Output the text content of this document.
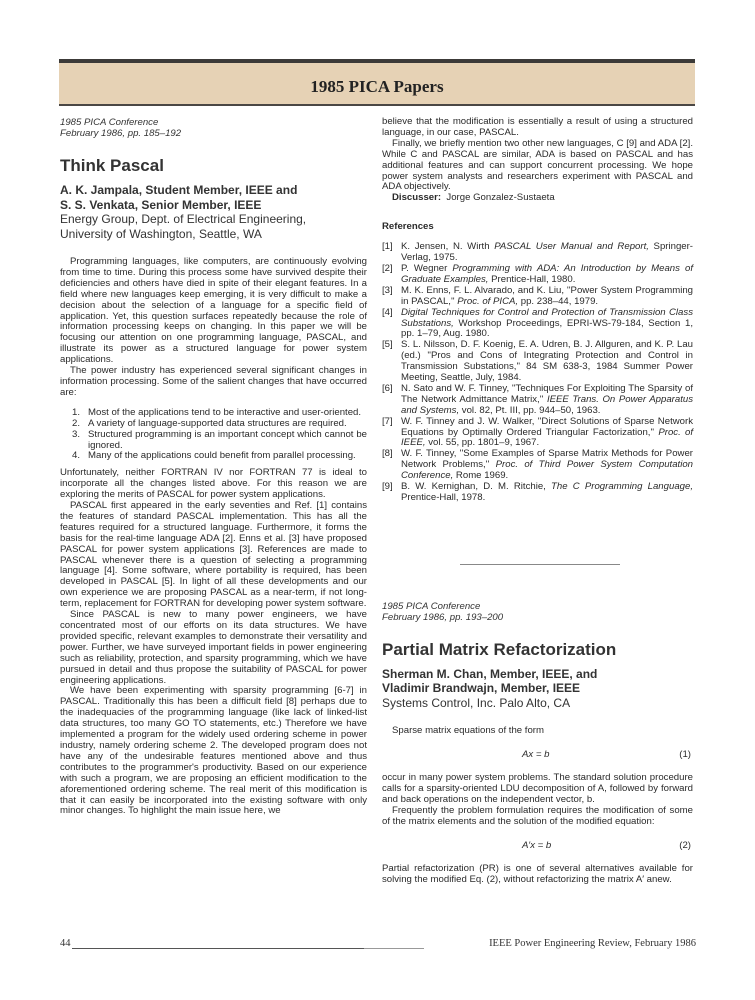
1985 PICA Papers
1985 PICA Conference
February 1986, pp. 185–192
Think Pascal
A. K. Jampala, Student Member, IEEE and
S. S. Venkata, Senior Member, IEEE
Energy Group, Dept. of Electrical Engineering,
University of Washington, Seattle, WA

Programming languages, like computers, are continuously evolving from time to time. During this process some have survived despite their deficiencies and others have died in spite of their elegant features. In a field where new languages keep emerging, it is very difficult to make a decision about the selection of a language for a specific field of application. Yet, this question surfaces repeatedly because the role of information processing keeps on changing. In this paper we will be focusing our attention on one programming language, PASCAL, and illustrate its power as a structured language for power system applications.

The power industry has experienced several significant changes in information processing. Some of the salient changes that have occurred are:

1. Most of the applications tend to be interactive and user-oriented.
2. A variety of language-supported data structures are required.
3. Structured programming is an important concept which cannot be ignored.
4. Many of the applications could benefit from parallel processing.

Unfortunately, neither FORTRAN IV nor FORTRAN 77 is ideal to incorporate all the changes listed above. For this reason we are exploring the merits of PASCAL for power system applications.

PASCAL first appeared in the early seventies and Ref. [1] contains the features of standard PASCAL implementation. This has all the features required for a structured language. Furthermore, it forms the basis for the real-time language ADA [2]. Enns et al. [3] have proposed PASCAL for power system applications [3]. References are made to PASCAL whenever there is a question of selecting a programming language [4]. Some software, where portability is required, has been developed in PASCAL [5]. In light of all these developments and our own experience we are proposing PASCAL as a near-term, if not long-term, replacement for FORTRAN for developing power system software.

Since PASCAL is new to many power engineers, we have concentrated most of our efforts on its data structures. We have provided specific, relevant examples to demonstrate their versatility and power. Further, we have surveyed important fields in power engineering such as reliability, protection, and sparsity programming, which we have pursued in detail and thus propose the suitability of PASCAL for power engineering applications.

We have been experimenting with sparsity programming [6-7] in PASCAL. Traditionally this has been a difficult field [8] perhaps due to the inadequacies of the programming language (like lack of linked-list data structures, too many GO TO statements, etc.) Therefore we have implemented a program for the widely used ordering scheme in power industry, namely ordering scheme 2. The developed program does not have any of the undesirable features mentioned above and thus contributes to the programmer's productivity. Based on our experience with such a program, we are proposing an efficient modification to the aforementioned ordering scheme. The real merit of this modification is that it can easily be incorporated into the existing software with only minor changes. To highlight the main issue here, we

believe that the modification is essentially a result of using a structured language, in our case, PASCAL.

Finally, we briefly mention two other new languages, C [9] and ADA [2]. While C and PASCAL are similar, ADA is based on PASCAL and has additional features and can support concurrent processing. We hope power system analysts and researchers experiment with PASCAL and ADA objectively.

Discusser: Jorge Gonzalez-Sustaeta
References
[1] K. Jensen, N. Wirth PASCAL User Manual and Report, Springer-Verlag, 1975.
[2] P. Wegner Programming with ADA: An Introduction by Means of Graduate Examples, Prentice-Hall, 1980.
[3] M. K. Enns, F. L. Alvarado, and K. Liu, ''Power System Programming in PASCAL,'' Proc. of PICA, pp. 238–44, 1979.
[4] Digital Techniques for Control and Protection of Transmission Class Substations, Workshop Proceedings, EPRI-WS-79-184, Section 1, pp. 1–79, Aug. 1980.
[5] S. L. Nilsson, D. F. Koenig, E. A. Udren, B. J. Allguren, and K. P. Lau (ed.) ''Pros and Cons of Integrating Protection and Control in Transmission Substations,'' 84 SM 638-3, 1984 Summer Power Meeting, Seattle, July, 1984.
[6] N. Sato and W. F. Tinney, ''Techniques For Exploiting The Sparsity of The Network Admittance Matrix,'' IEEE Trans. On Power Apparatus and Systems, vol. 82, Pt. III, pp. 944–50, 1963.
[7] W. F. Tinney and J. W. Walker, ''Direct Solutions of Sparse Network Equations by Optimally Ordered Triangular Factorization,'' Proc. of IEEE, vol. 55, pp. 1801–9, 1967.
[8] W. F. Tinney, ''Some Examples of Sparse Matrix Methods for Power Network Problems,'' Proc. of Third Power System Computation Conference, Rome 1969.
[9] B. W. Kernighan, D. M. Ritchie, The C Programming Language, Prentice-Hall, 1978.
1985 PICA Conference
February 1986, pp. 193–200
Partial Matrix Refactorization
Sherman M. Chan, Member, IEEE, and
Vladimir Brandwajn, Member, IEEE
Systems Control, Inc. Palo Alto, CA

Sparse matrix equations of the form

Ax = b	(1)

occur in many power system problems. The standard solution procedure calls for a sparsity-oriented LDU decomposition of A, followed by forward and back operations on the independent vector, b.

Frequently the problem formulation requires the modification of some of the matrix elements and the solution of the modified equation:

A′x = b	(2)

Partial refactorization (PR) is one of several alternatives available for solving the modified Eq. (2), without refactorizing the matrix A′ anew.

44	IEEE Power Engineering Review, February 1986
